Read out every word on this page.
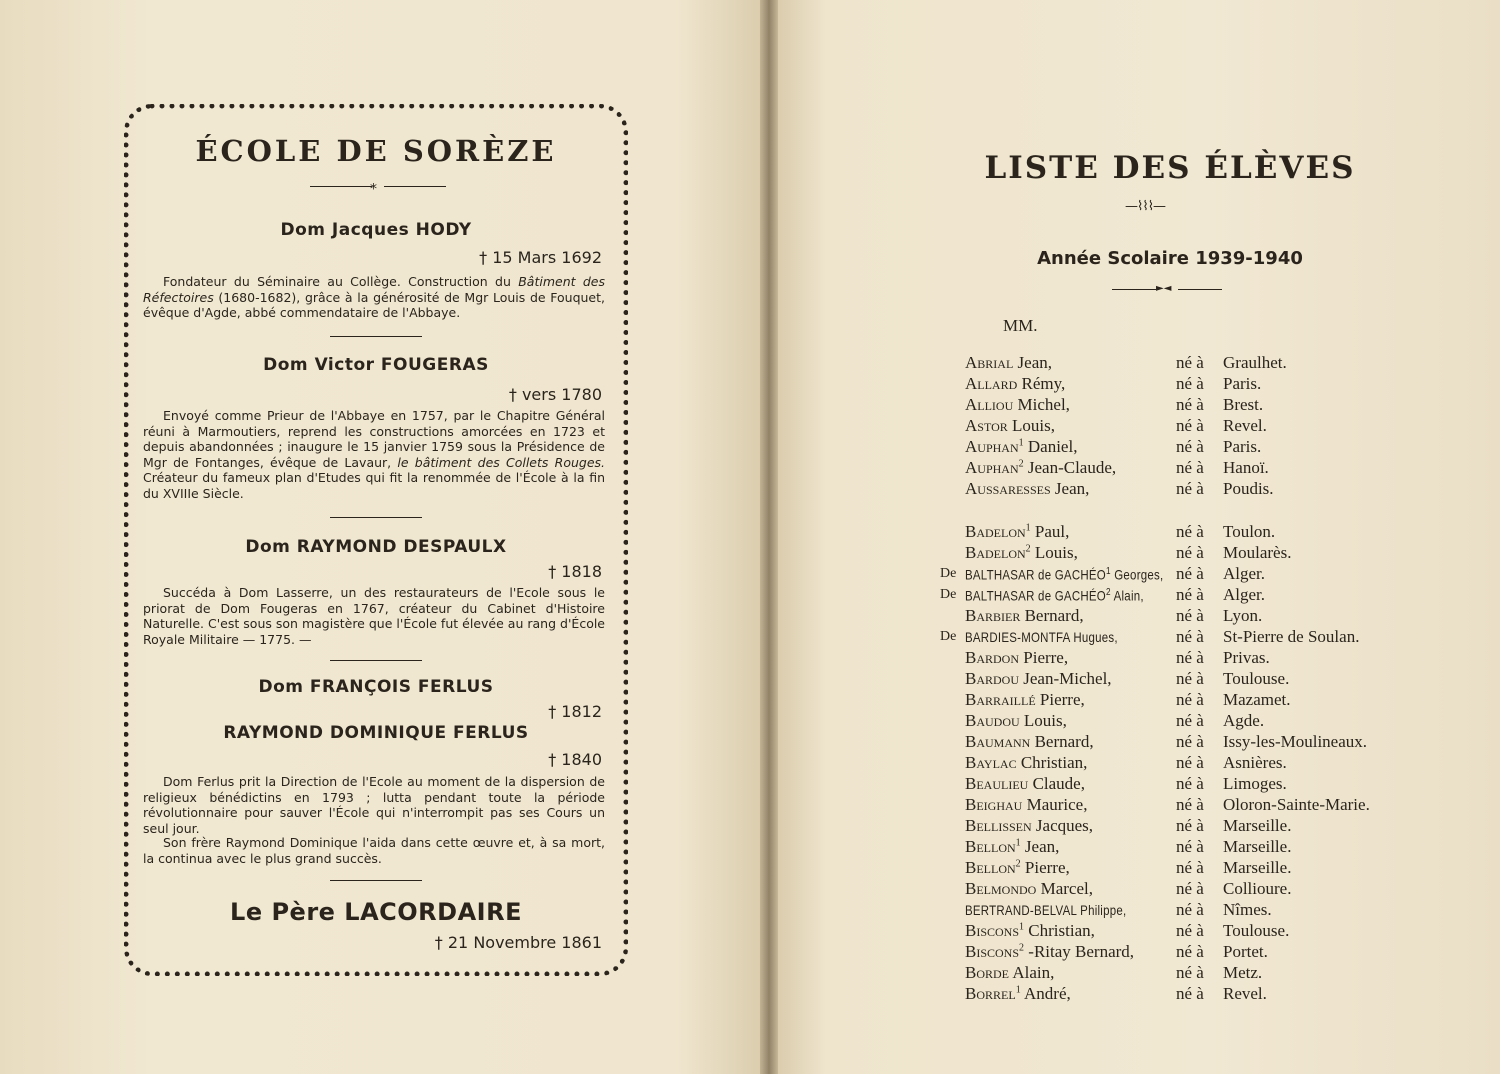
ÉCOLE DE SORÈZE
⁎
Dom Jacques HODY
† 15 Mars 1692
Fondateur du Séminaire au Collège. Construction du Bâtiment des Réfectoires (1680-1682), grâce à la générosité de Mgr Louis de Fouquet, évêque d'Agde, abbé commendataire de l'Abbaye.
Dom Victor FOUGERAS
† vers 1780
Envoyé comme Prieur de l'Abbaye en 1757, par le Chapitre Général réuni à Marmoutiers, reprend les constructions amorcées en 1723 et depuis abandonnées ; inaugure le 15 janvier 1759 sous la Présidence de Mgr de Fontanges, évêque de Lavaur, le bâtiment des Collets Rouges. Créateur du fameux plan d'Etudes qui fit la renommée de l'École à la fin du XVIIIe Siècle.
Dom RAYMOND DESPAULX
† 1818
Succéda à Dom Lasserre, un des restaurateurs de l'Ecole sous le priorat de Dom Fougeras en 1767, créateur du Cabinet d'Histoire Naturelle. C'est sous son magistère que l'École fut élevée au rang d'École Royale Militaire — 1775. —
Dom FRANÇOIS FERLUS
† 1812
RAYMOND DOMINIQUE FERLUS
† 1840
Dom Ferlus prit la Direction de l'Ecole au moment de la dispersion de religieux bénédictins en 1793 ; lutta pendant toute la période révolutionnaire pour sauver l'École qui n'interrompit pas ses Cours un seul jour.
Son frère Raymond Dominique l'aida dans cette œuvre et, à sa mort, la continua avec le plus grand succès.
Le Père LACORDAIRE
† 21 Novembre 1861
LISTE DES ÉLÈVES
—⌇⌇⌇—
Année Scolaire 1939-1940
►◄
MM.
Abrial Jean,	né à Graulhet.
Allard Rémy,	né à Paris.
Alliou Michel,	né à Brest.
Astor Louis,	né à Revel.
Auphan$^1$ Daniel,	né à Paris.
Auphan$^2$ Jean-Claude,	né à Hanoï.
Aussaresses Jean,	né à Poudis.
Badelon$^1$ Paul,	né à Toulon.
Badelon$^2$ Louis,	né à Moularès.
De BALTHASAR de GACHÉO$^1$ Georges, né à Alger.
De BALTHASAR de GACHÉO$^2$ Alain, né à Alger.
Barbier Bernard,	né à Lyon.
De BARDIES-MONTFA Hugues,	né à St-Pierre de Soulan.
Bardon Pierre,	né à Privas.
Bardou Jean-Michel,	né à Toulouse.
Barraillé Pierre,	né à Mazamet.
Baudou Louis,	né à Agde.
Baumann Bernard,	né à Issy-les-Moulineaux.
Baylac Christian,	né à Asnières.
Beaulieu Claude,	né à Limoges.
Beighau Maurice,	né à Oloron-Sainte-Marie.
Bellissen Jacques,	né à Marseille.
Bellon$^1$ Jean,	né à Marseille.
Bellon$^2$ Pierre,	né à Marseille.
Belmondo Marcel,	né à Collioure.
BERTRAND-BELVAL Philippe,	né à Nîmes.
Biscons$^1$ Christian,	né à Toulouse.
Biscons$^2$ -Ritay Bernard, né à Portet.
Borde Alain,	né à Metz.
Borrel$^1$ André,	né à Revel.
